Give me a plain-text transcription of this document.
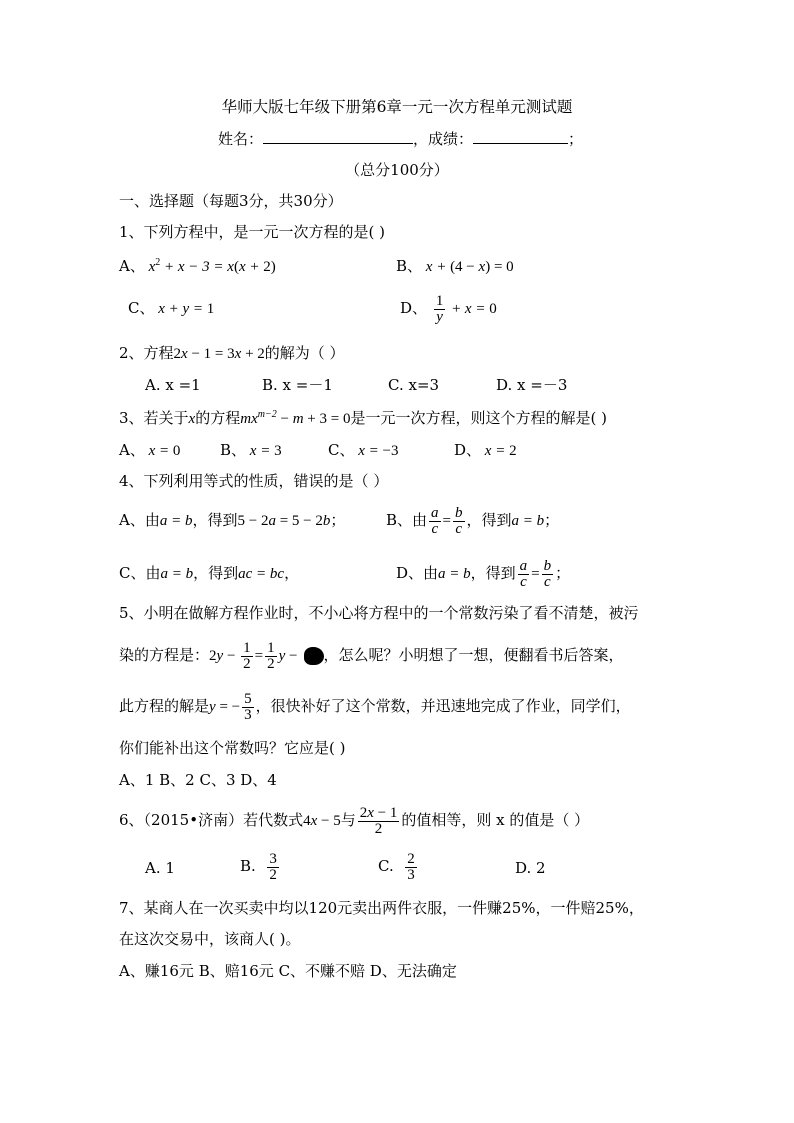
华师大版七年级下册第6章一元一次方程单元测试题
姓名：	，成绩：	；
（总分100分）
一、选择题（每题3分，共30分）
1、下列方程中，是一元一次方程的是( )
A、 $x^2 + x - 3 = x(x + 2)$	B、 x + (4 − x) = 0
C、 x + y = 1	D、 $\frac{1}{y} + x = 0$
2、方程2x − 1 = 3x + 2的解为（ ）
A. x =1	B. x =－1	C. x=3	D. x =－3
3、若关于x的方程$mx^{m-2} - m + 3 = 0$是一元一次方程，则这个方程的解是( )
A、 x = 0	B、 x = 3	C、 x = −3	D、 x = 2
4、下列利用等式的性质，错误的是（ ）
A、由a = b，得到5 − 2a = 5 − 2b；	B、由 $\frac{a}{c} = \frac{b}{c}$ ，得到a = b；
C、由a = b，得到ac = bc，	D、由a = b，得到 $\frac{a}{c} = \frac{b}{c}$ ；
5、小明在做解方程作业时，不小心将方程中的一个常数污染了看不清楚，被污
染的方程是：$2y - \frac{1}{2} = \frac{1}{2}$ y − ，怎么呢？小明想了一想，便翻看书后答案，
此方程的解是y = − $\frac{5}{3}$ ，很快补好了这个常数，并迅速地完成了作业，同学们，
你们能补出这个常数吗？它应是( )
A、1 B、2 C、3 D、4
6、（2015•济南）若代数式4x − 5与 $\frac{2x - 1}{2}$ 的值相等，则 x 的值是（ ）
A. 1	B. $\frac{3}{2}$	C. $\frac{2}{3}$	D. 2
7、某商人在一次买卖中均以120元卖出两件衣服，一件赚25%，一件赔25%，
在这次交易中，该商人( )。
A、赚16元 B、赔16元 C、不赚不赔 D、无法确定
